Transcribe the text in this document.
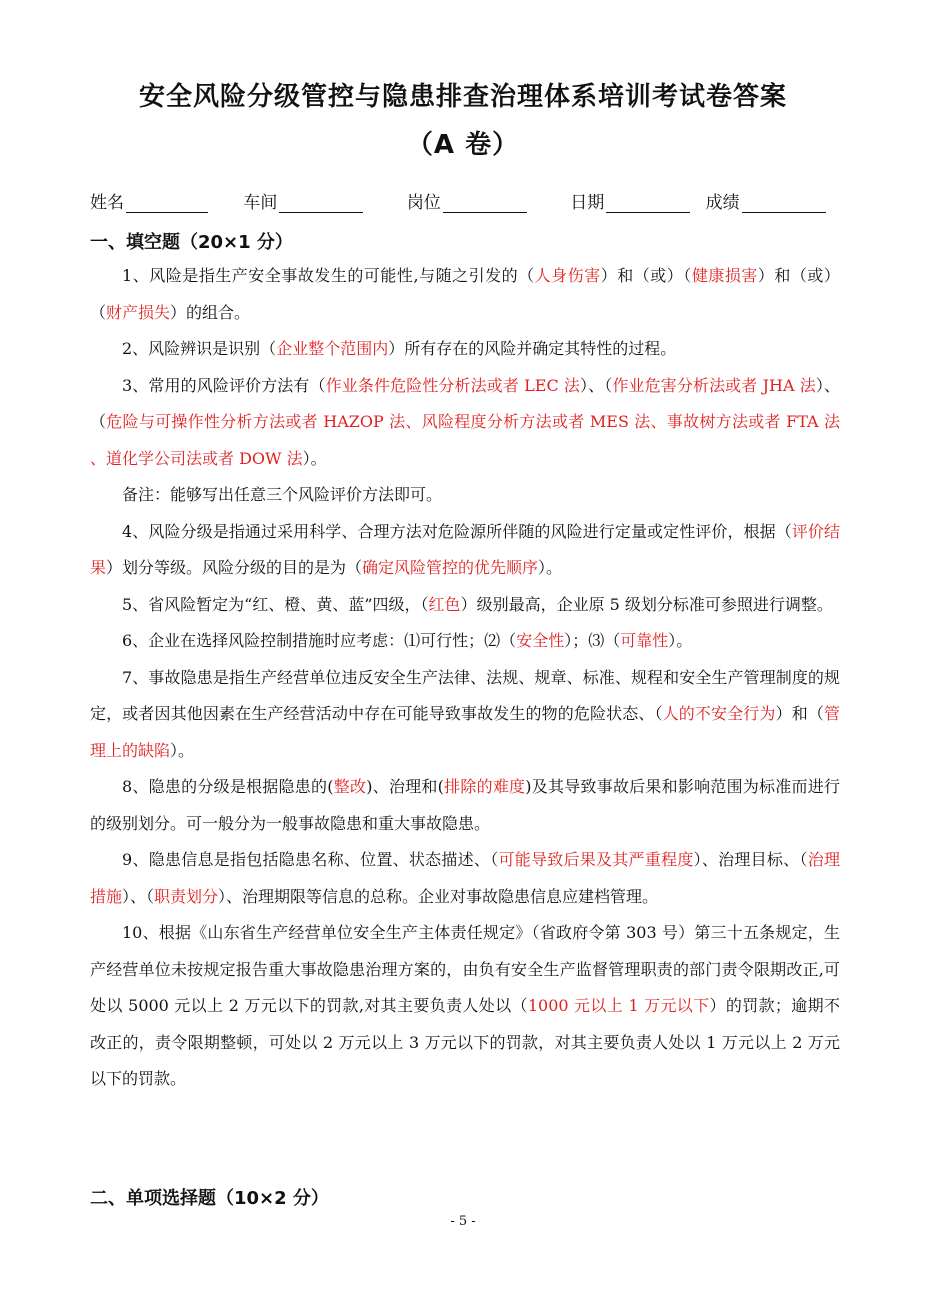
安全风险分级管控与隐患排查治理体系培训考试卷答案
（A 卷）
姓名	车间	岗位	日期	成绩
一、填空题（20×1 分）

1、风险是指生产安全事故发生的可能性,与随之引发的（人身伤害）和（或）（健康损害）和（或）（财产损失）的组合。

2、风险辨识是识别（企业整个范围内）所有存在的风险并确定其特性的过程。

3、常用的风险评价方法有（作业条件危险性分析法或者 LEC 法）、（作业危害分析法或者 JHA 法）、（危险与可操作性分析方法或者 HAZOP 法、风险程度分析方法或者 MES 法、事故树方法或者 FTA 法 、道化学公司法或者 DOW 法）。

备注：能够写出任意三个风险评价方法即可。

4、风险分级是指通过采用科学、合理方法对危险源所伴随的风险进行定量或定性评价，根据（评价结果）划分等级。风险分级的目的是为（确定风险管控的优先顺序）。

5、省风险暂定为“红、橙、黄、蓝”四级，（红色）级别最高，企业原 5 级划分标准可参照进行调整。

6、企业在选择风险控制措施时应考虑：⑴可行性；⑵（安全性）；⑶（可靠性）。

7、事故隐患是指生产经营单位违反安全生产法律、法规、规章、标准、规程和安全生产管理制度的规定，或者因其他因素在生产经营活动中存在可能导致事故发生的物的危险状态、（人的不安全行为）和（管理上的缺陷）。

8、隐患的分级是根据隐患的(整改)、治理和(排除的难度)及其导致事故后果和影响范围为标准而进行的级别划分。可一般分为一般事故隐患和重大事故隐患。

9、隐患信息是指包括隐患名称、位置、状态描述、（可能导致后果及其严重程度）、治理目标、（治理措施）、（职责划分）、治理期限等信息的总称。企业对事故隐患信息应建档管理。

10、根据《山东省生产经营单位安全生产主体责任规定》（省政府令第 303 号）第三十五条规定，生产经营单位未按规定报告重大事故隐患治理方案的，由负有安全生产监督管理职责的部门责令限期改正,可处以 5000 元以上 2 万元以下的罚款,对其主要负责人处以（1000 元以上 1 万元以下）的罚款；逾期不改正的，责令限期整顿，可处以 2 万元以上 3 万元以下的罚款，对其主要负责人处以 1 万元以上 2 万元以下的罚款。

二、单项选择题（10×2 分）
- 5 -
